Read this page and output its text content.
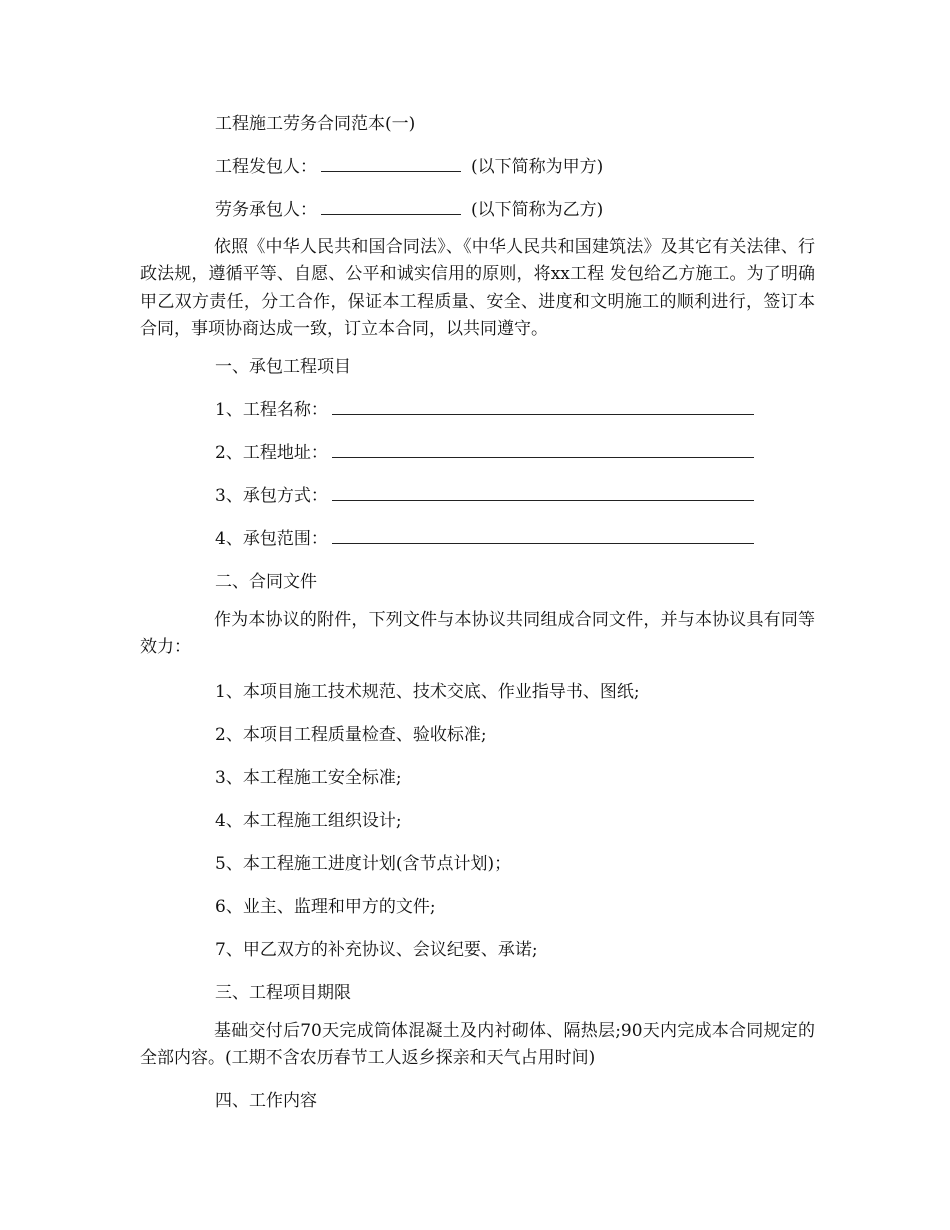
工程施工劳务合同范本(一)
工程发包人：	(以下简称为甲方)
劳务承包人：	(以下简称为乙方)
依照《中华人民共和国合同法》、《中华人民共和国建筑法》及其它有关法律、行政法规，遵循平等、自愿、公平和诚实信用的原则，将xx工程 发包给乙方施工。为了明确甲乙双方责任，分工合作，保证本工程质量、安全、进度和文明施工的顺利进行，签订本合同，事项协商达成一致，订立本合同，以共同遵守。
一、承包工程项目
1、工程名称：
2、工程地址：
3、承包方式：
4、承包范围：
二、合同文件
作为本协议的附件，下列文件与本协议共同组成合同文件，并与本协议具有同等效力：
1、本项目施工技术规范、技术交底、作业指导书、图纸;
2、本项目工程质量检查、验收标准;
3、本工程施工安全标准;
4、本工程施工组织设计;
5、本工程施工进度计划(含节点计划)；
6、业主、监理和甲方的文件;
7、甲乙双方的补充协议、会议纪要、承诺;
三、工程项目期限
基础交付后70天完成筒体混凝土及内衬砌体、隔热层;90天内完成本合同规定的全部内容。(工期不含农历春节工人返乡探亲和天气占用时间)
四、工作内容
